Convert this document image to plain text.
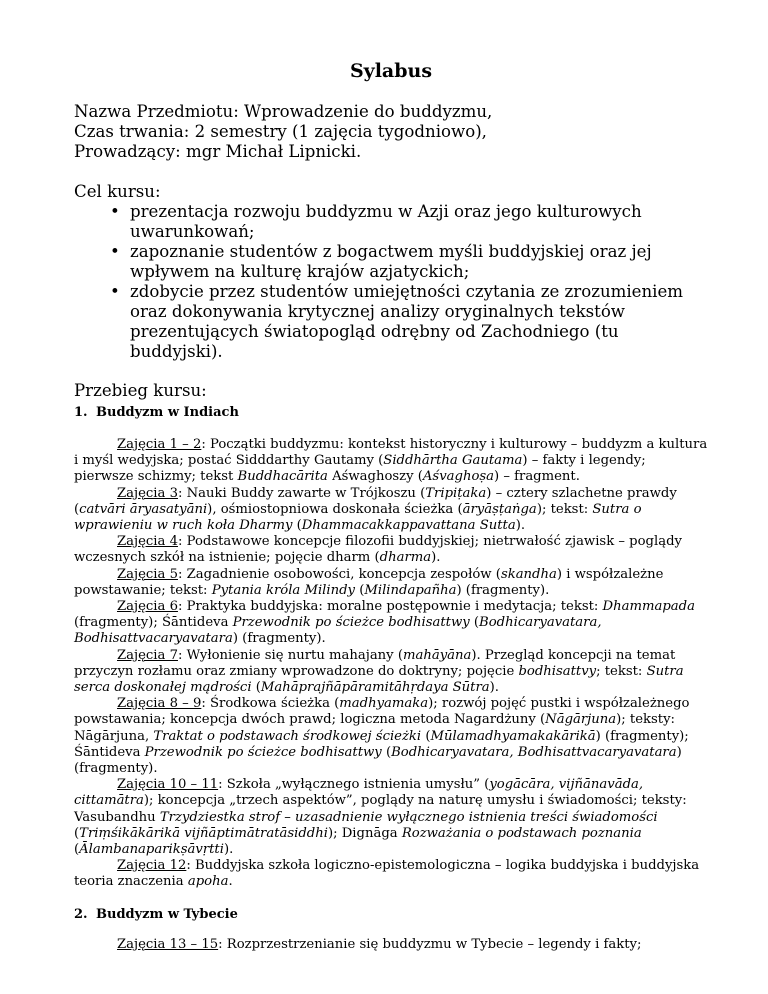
Sylabus
Nazwa Przedmiotu: Wprowadzenie do buddyzmu,
Czas trwania: 2 semestry (1 zajęcia tygodniowo),
Prowadzący: mgr Michał Lipnicki.
Cel kursu:
• prezentacja rozwoju buddyzmu w Azji oraz jego kulturowych uwarunkowań;
• zapoznanie studentów z bogactwem myśli buddyjskiej oraz jej wpływem na kulturę krajów azjatyckich;
• zdobycie przez studentów umiejętności czytania ze zrozumieniem oraz dokonywania krytycznej analizy oryginalnych tekstów prezentujących światopogląd odrębny od Zachodniego (tu buddyjski).
Przebieg kursu:
1. Buddyzm w Indiach

Zajęcia 1 – 2: Początki buddyzmu: kontekst historyczny i kulturowy – buddyzm a kultura i myśl wedyjska; postać Sidddarthy Gautamy (Siddhārtha Gautama) – fakty i legendy; pierwsze schizmy; tekst Buddhacārita Aśwaghoszy (Aśvaghoṣa) – fragment.

Zajęcia 3: Nauki Buddy zawarte w Trójkoszu (Tripiṭaka) – cztery szlachetne prawdy (catvāri āryasatyāni), ośmiostopniowa doskonała ścieżka (āryāṣṭaṅga); tekst: Sutra o wprawieniu w ruch koła Dharmy (Dhammacakkappavattana Sutta).

Zajęcia 4: Podstawowe koncepcje filozofii buddyjskiej; nietrwałość zjawisk – poglądy wczesnych szkół na istnienie; pojęcie dharm (dharma).

Zajęcia 5: Zagadnienie osobowości, koncepcja zespołów (skandha) i współzależne powstawanie; tekst: Pytania króla Milindy (Milindapañha) (fragmenty).

Zajęcia 6: Praktyka buddyjska: moralne postępownie i medytacja; tekst: Dhammapada (fragmenty); Śāntideva Przewodnik po ścieżce bodhisattwy (Bodhicaryavatara, Bodhisattvacaryavatara) (fragmenty).

Zajęcia 7: Wyłonienie się nurtu mahajany (mahāyāna). Przegląd koncepcji na temat przyczyn rozłamu oraz zmiany wprowadzone do doktryny; pojęcie bodhisattvy; tekst: Sutra serca doskonałej mądrości (Mahāprajñāpāramitāhṛdaya Sūtra).

Zajęcia 8 – 9: Środkowa ścieżka (madhyamaka); rozwój pojęć pustki i współzależnego powstawania; koncepcja dwóch prawd; logiczna metoda Nagardżuny (Nāgārjuna); teksty: Nāgārjuna, Traktat o podstawach środkowej ścieżki (Mūlamadhyamakakārikā) (fragmenty); Śāntideva Przewodnik po ścieżce bodhisattwy (Bodhicaryavatara, Bodhisattvacaryavatara) (fragmenty).

Zajęcia 10 – 11: Szkoła „wyłącznego istnienia umysłu” (yogācāra, vijñānavāda, cittamātra); koncepcja „trzech aspektów”, poglądy na naturę umysłu i świadomości; teksty: Vasubandhu Trzydziestka strof – uzasadnienie wyłącznego istnienia treści świadomości (Triṃśikākārikā vijñāptimātratāsiddhi); Dignāga Rozważania o podstawach poznania (Ālambanaparikṣāvṛtti).

Zajęcia 12: Buddyjska szkoła logiczno-epistemologiczna – logika buddyjska i buddyjska teoria znaczenia apoha.

2. Buddyzm w Tybecie

Zajęcia 13 – 15: Rozprzestrzenianie się buddyzmu w Tybecie – legendy i fakty;
